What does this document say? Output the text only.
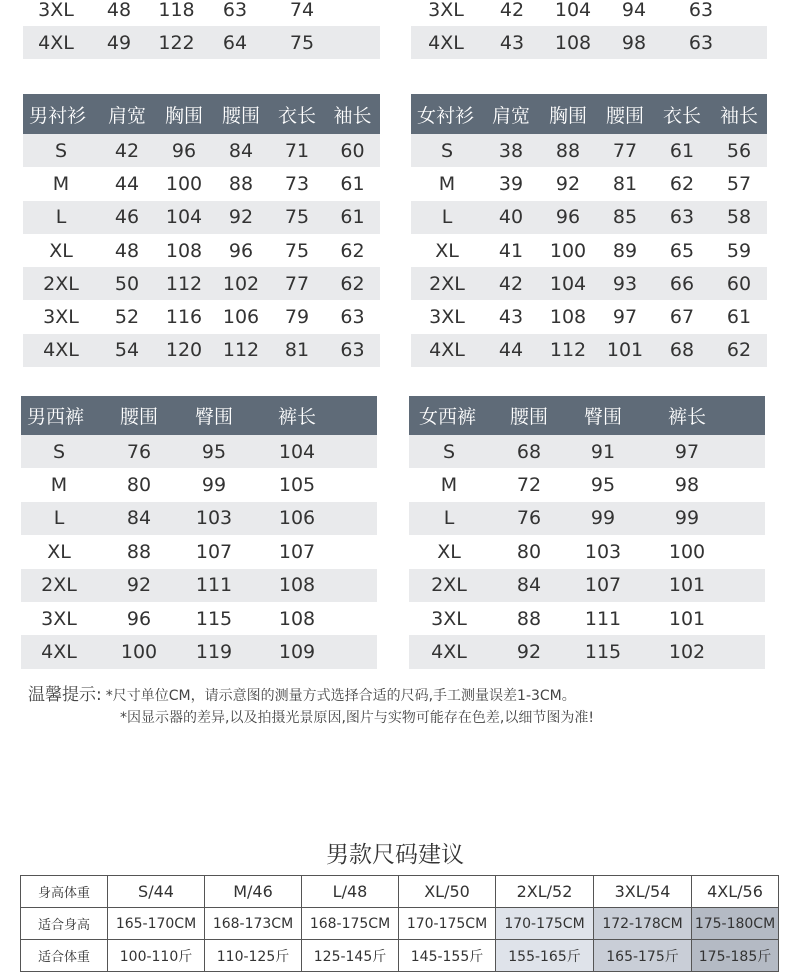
3XL	48	118	63	74
4XL	49	122	64	75
3XL	42	104	94	63
4XL	43	108	98	63
男衬衫	肩宽 胸围 腰围 衣长 袖长
S	42	96	84	71	60
M	44	100	88	73	61
L	46	104	92	75	61
XL	48	108	96	75	62
2XL	50	112	102	77	62
3XL	52	116	106	79	63
4XL	54	120	112	81	63
女衬衫 肩宽 胸围 腰围 衣长 袖长
S	38	88	77	61	56
M	39	92	81	62	57
L	40	96	85	63	58
XL	41	100	89	65	59
2XL	42	104	93	66	60
3XL	43	108	97	67	61
4XL	44	112	101	68	62
男西裤	腰围	臀围	裤长
S	76	95	104
M	80	99	105
L	84	103	106
XL	88	107	107
2XL	92	111	108
3XL	96	115	108
4XL	100	119	109
女西裤	腰围	臀围	裤长
S	68	91	97
M	72	95	98
L	76	99	99
XL	80	103	100
2XL	84	107	101
3XL	88	111	101
4XL	92	115	102
温馨提示: *尺寸单位CM，请示意图的测量方式选择合适的尺码,手工测量误差1-3CM。
*因显示器的差异,以及拍摄光景原因,图片与实物可能存在色差,以细节图为准!
男款尺码建议
身高体重	S/44	M/46	L/48	XL/50	2XL/52	3XL/54	4XL/56
适合身高	165-170CM	168-173CM	168-175CM	170-175CM	170-175CM	172-178CM	175-180CM
适合体重	100-110斤	110-125斤	125-145斤	145-155斤	155-165斤	165-175斤	175-185斤
